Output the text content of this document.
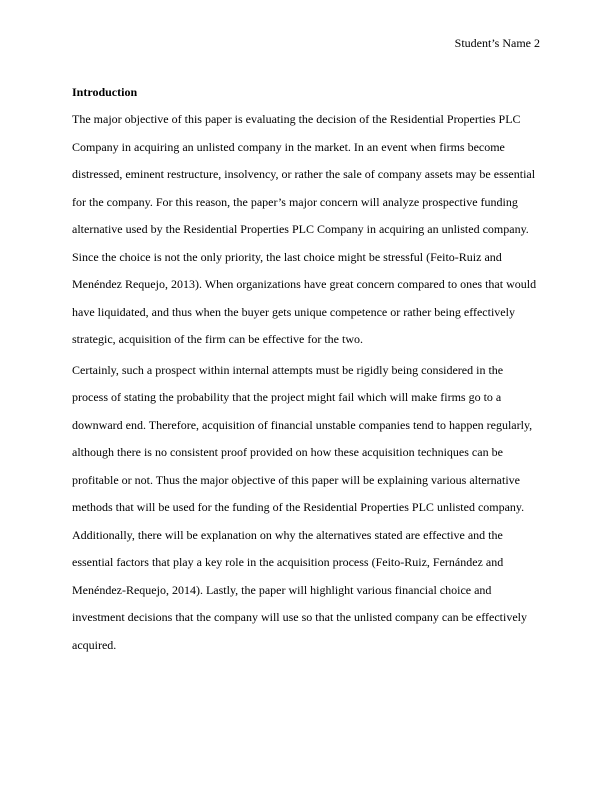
Student’s Name 2
Introduction
The major objective of this paper is evaluating the decision of the Residential Properties PLC
Company in acquiring an unlisted company in the market. In an event when firms become
distressed, eminent restructure, insolvency, or rather the sale of company assets may be essential
for the company. For this reason, the paper’s major concern will analyze prospective funding
alternative used by the Residential Properties PLC Company in acquiring an unlisted company.
Since the choice is not the only priority, the last choice might be stressful (Feito-Ruiz and
Menéndez Requejo, 2013). When organizations have great concern compared to ones that would
have liquidated, and thus when the buyer gets unique competence or rather being effectively
strategic, acquisition of the firm can be effective for the two.
Certainly, such a prospect within internal attempts must be rigidly being considered in the
process of stating the probability that the project might fail which will make firms go to a
downward end. Therefore, acquisition of financial unstable companies tend to happen regularly,
although there is no consistent proof provided on how these acquisition techniques can be
profitable or not. Thus the major objective of this paper will be explaining various alternative
methods that will be used for the funding of the Residential Properties PLC unlisted company.
Additionally, there will be explanation on why the alternatives stated are effective and the
essential factors that play a key role in the acquisition process (Feito-Ruiz, Fernández and
Menéndez-Requejo, 2014). Lastly, the paper will highlight various financial choice and
investment decisions that the company will use so that the unlisted company can be effectively
acquired.
